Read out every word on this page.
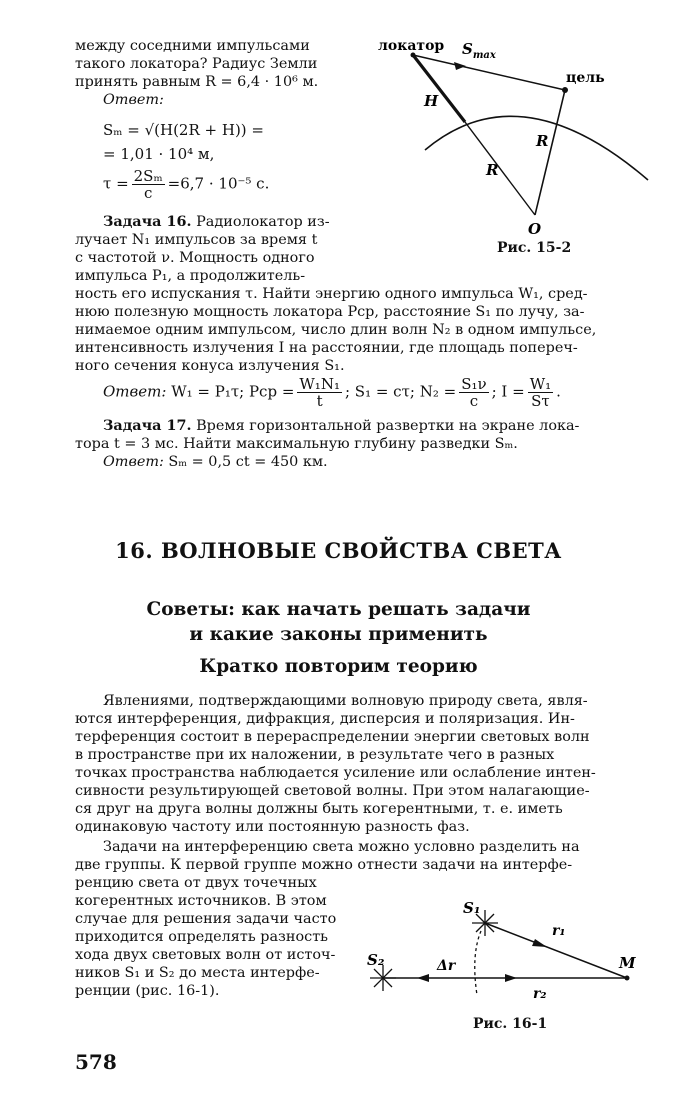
между соседними импульсами
такого локатора? Радиус Земли
принять равным R = 6,4 · 10⁶ м.
Ответ:
Sₘ = √(H(2R + H)) =
= 1,01 · 10⁴ м,
$\tau = \frac{\text{2Sₘ}}{c} =6,7 \cdot 10^{-5}$ с.
локатор $S_{max}$
цель
H
R
R
O
Рис. 15-2
Задача 16. Радиолокатор из-
лучает N₁ импульсов за время t
с частотой ν. Мощность одного
импульса P₁, а продолжитель-
ность его испускания τ. Найти энергию одного импульса W₁, сред-
нюю полезную мощность локатора Pср, расстояние S₁ по лучу, за-
нимаемое одним импульсом, число длин волн N₂ в одном импульсе,
интенсивность излучения I на расстоянии, где площадь попереч-
ного сечения конуса излучения S₁.
Ответ: W₁ = P₁τ; Pср = $\frac{\text{W₁N₁}}{t}$ ; S₁ = cτ; $N_2 = \frac{\text{S₁ν}}{c}$ ; $I = \frac{\text{W₁}}{S\tau}$ .
Задача 17. Время горизонтальной развертки на экране лока-
тора t = 3 мс. Найти максимальную глубину разведки Sₘ.
Ответ: Sₘ = 0,5 ct = 450 км.
16. ВОЛНОВЫЕ СВОЙСТВА СВЕТА
Советы: как начать решать задачи
и какие законы применить
Кратко повторим теорию
Явлениями, подтверждающими волновую природу света, явля-
ются интерференция, дифракция, дисперсия и поляризация. Ин-
терференция состоит в перераспределении энергии световых волн
в пространстве при их наложении, в результате чего в разных
точках пространства наблюдается усиление или ослабление интен-
сивности результирующей световой волны. При этом налагающие-
ся друг на друга волны должны быть когерентными, т. е. иметь
одинаковую частоту или постоянную разность фаз.
Задачи на интерференцию света можно условно разделить на
две группы. К первой группе можно отнести задачи на интерфе-
ренцию света от двух точечных
когерентных источников. В этом
случае для решения задачи часто
приходится определять разность
хода двух световых волн от источ-
ников S₁ и S₂ до места интерфе-
ренции (рис. 16-1).
S₁
S₂	M
r₁
r₂
Δr
Рис. 16-1
578
